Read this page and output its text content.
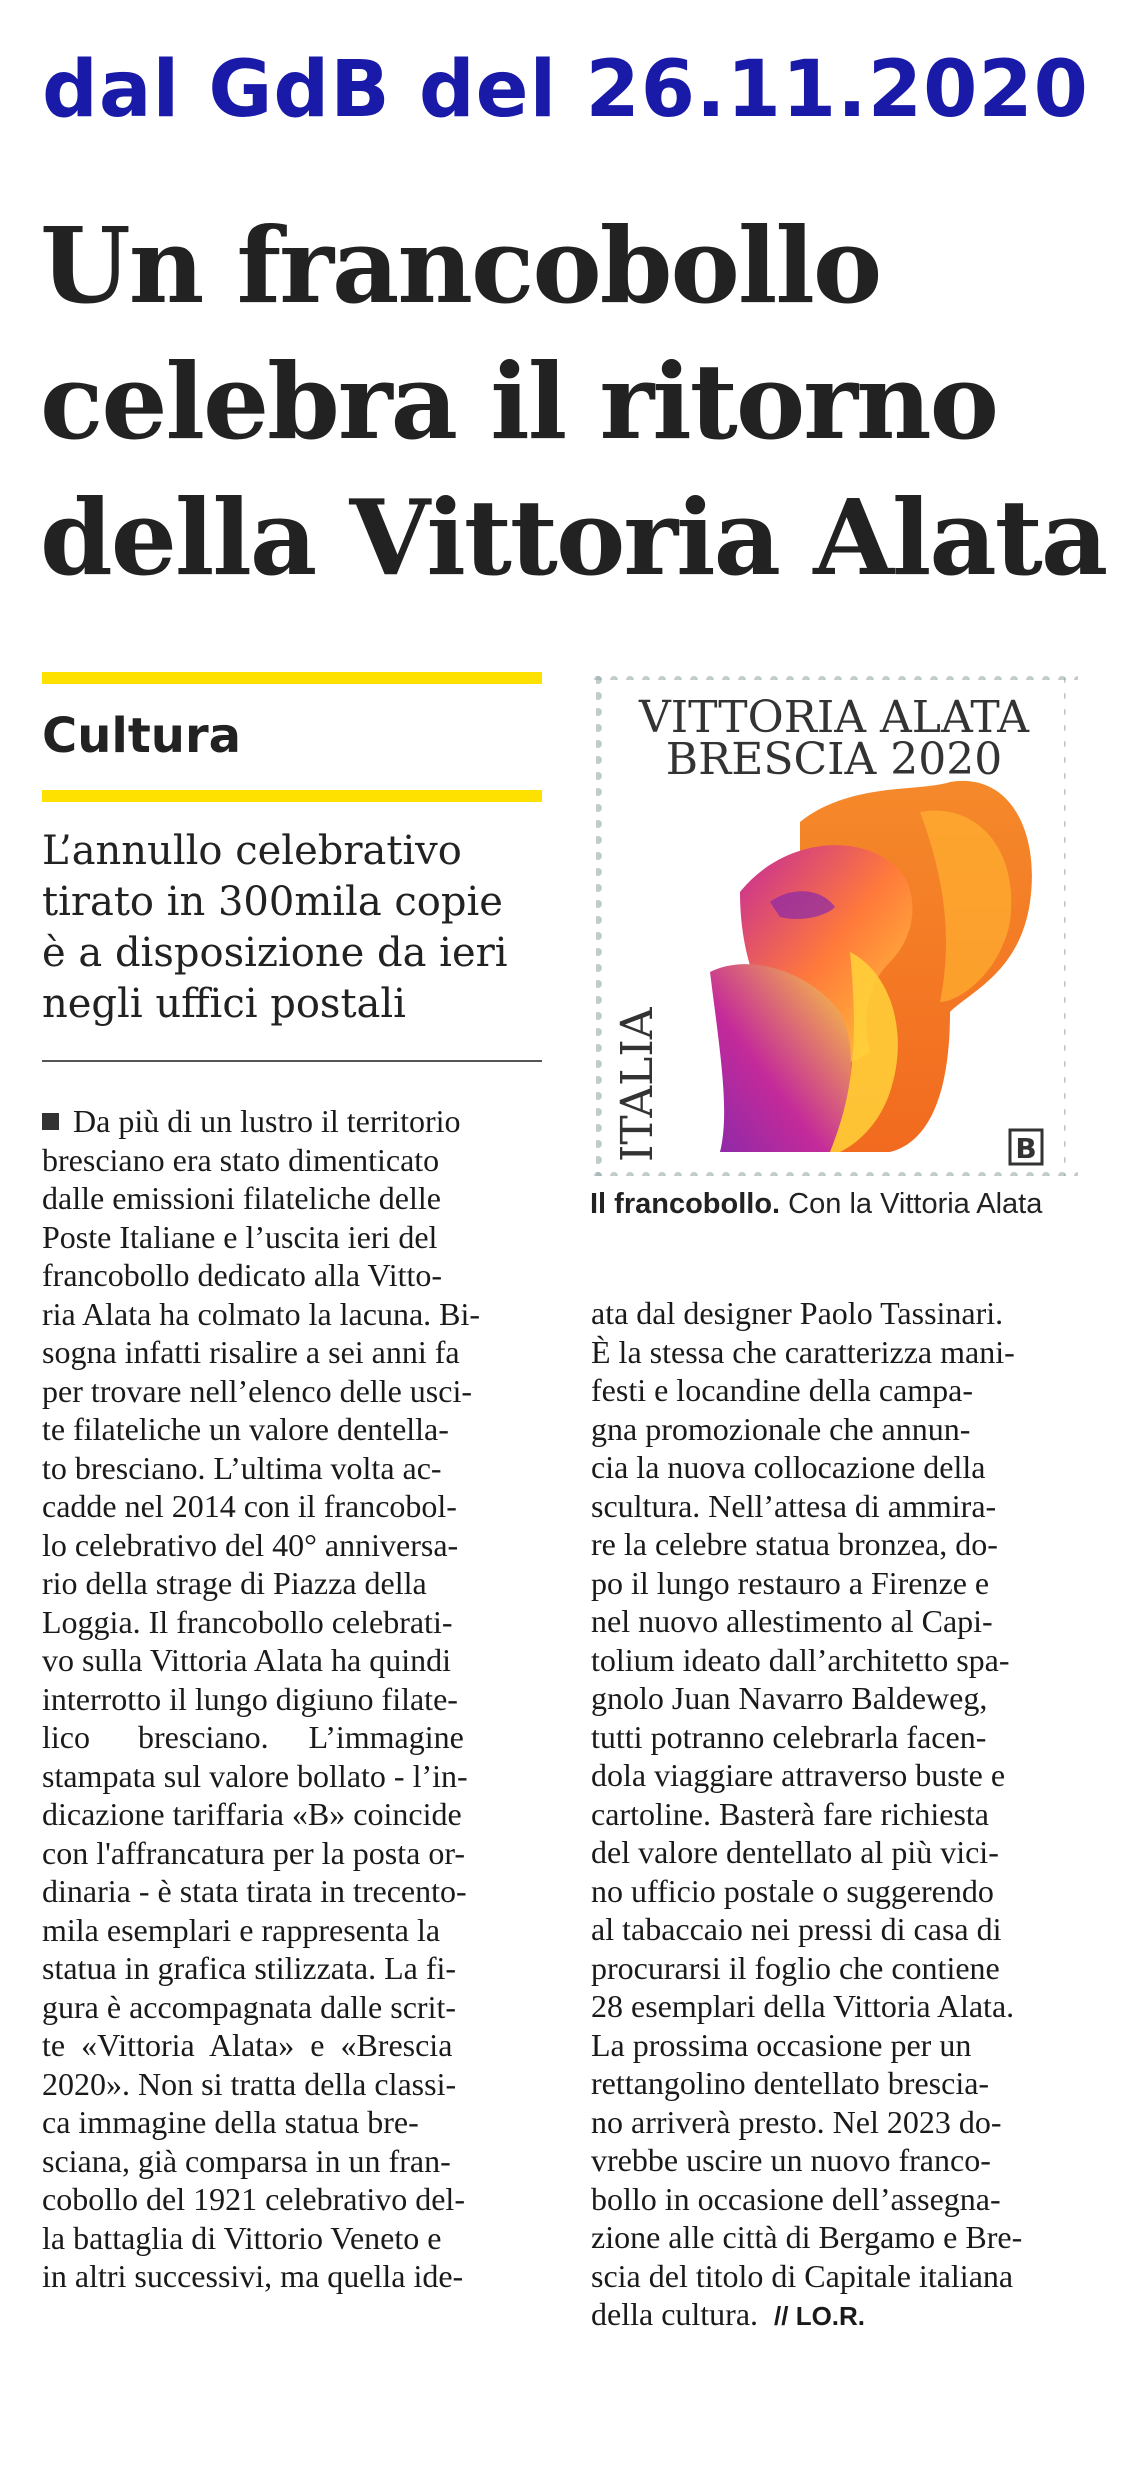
dal GdB del 26.11.2020
Un francobollo
celebra il ritorno
della Vittoria Alata
Cultura
L’annullo celebrativo
tirato in 300mila copie
è a disposizione da ieri
negli uffici postali
VITTORIA ALATA
BRESCIA 2020
ITALIA	B
Il francobollo. Con la Vittoria Alata
Da più di un lustro il territorio
bresciano era stato dimenticato
dalle emissioni filateliche delle
Poste Italiane e l’uscita ieri del
francobollo dedicato alla Vitto-
ria Alata ha colmato la lacuna. Bi-
sogna infatti risalire a sei anni fa
per trovare nell’elenco delle usci-
te filateliche un valore dentella-
to bresciano. L’ultima volta ac-
cadde nel 2014 con il francobol-
lo celebrativo del 40° anniversa-
rio della strage di Piazza della
Loggia. Il francobollo celebrati-
vo sulla Vittoria Alata ha quindi
interrotto il lungo digiuno filate-
lico      bresciano.     L’immagine
stampata sul valore bollato - l’in-
dicazione tariffaria «B» coincide
con l'affrancatura per la posta or-
dinaria - è stata tirata in trecento-
mila esemplari e rappresenta la
statua in grafica stilizzata. La fi-
gura è accompagnata dalle scrit-
te  «Vittoria  Alata»  e  «Brescia
2020». Non si tratta della classi-
ca immagine della statua bre-
sciana, già comparsa in un fran-
cobollo del 1921 celebrativo del-
la battaglia di Vittorio Veneto e
in altri successivi, ma quella ide-
ata dal designer Paolo Tassinari.
È la stessa che caratterizza mani-
festi e locandine della campa-
gna promozionale che annun-
cia la nuova collocazione della
scultura. Nell’attesa di ammira-
re la celebre statua bronzea, do-
po il lungo restauro a Firenze e
nel nuovo allestimento al Capi-
tolium ideato dall’architetto spa-
gnolo Juan Navarro Baldeweg,
tutti potranno celebrarla facen-
dola viaggiare attraverso buste e
cartoline. Basterà fare richiesta
del valore dentellato al più vici-
no ufficio postale o suggerendo
al tabaccaio nei pressi di casa di
procurarsi il foglio che contiene
28 esemplari della Vittoria Alata.
La prossima occasione per un
rettangolino dentellato brescia-
no arriverà presto. Nel 2023 do-
vrebbe uscire un nuovo franco-
bollo in occasione dell’assegna-
zione alle città di Bergamo e Bre-
scia del titolo di Capitale italiana
della cultura. // LO.R.
